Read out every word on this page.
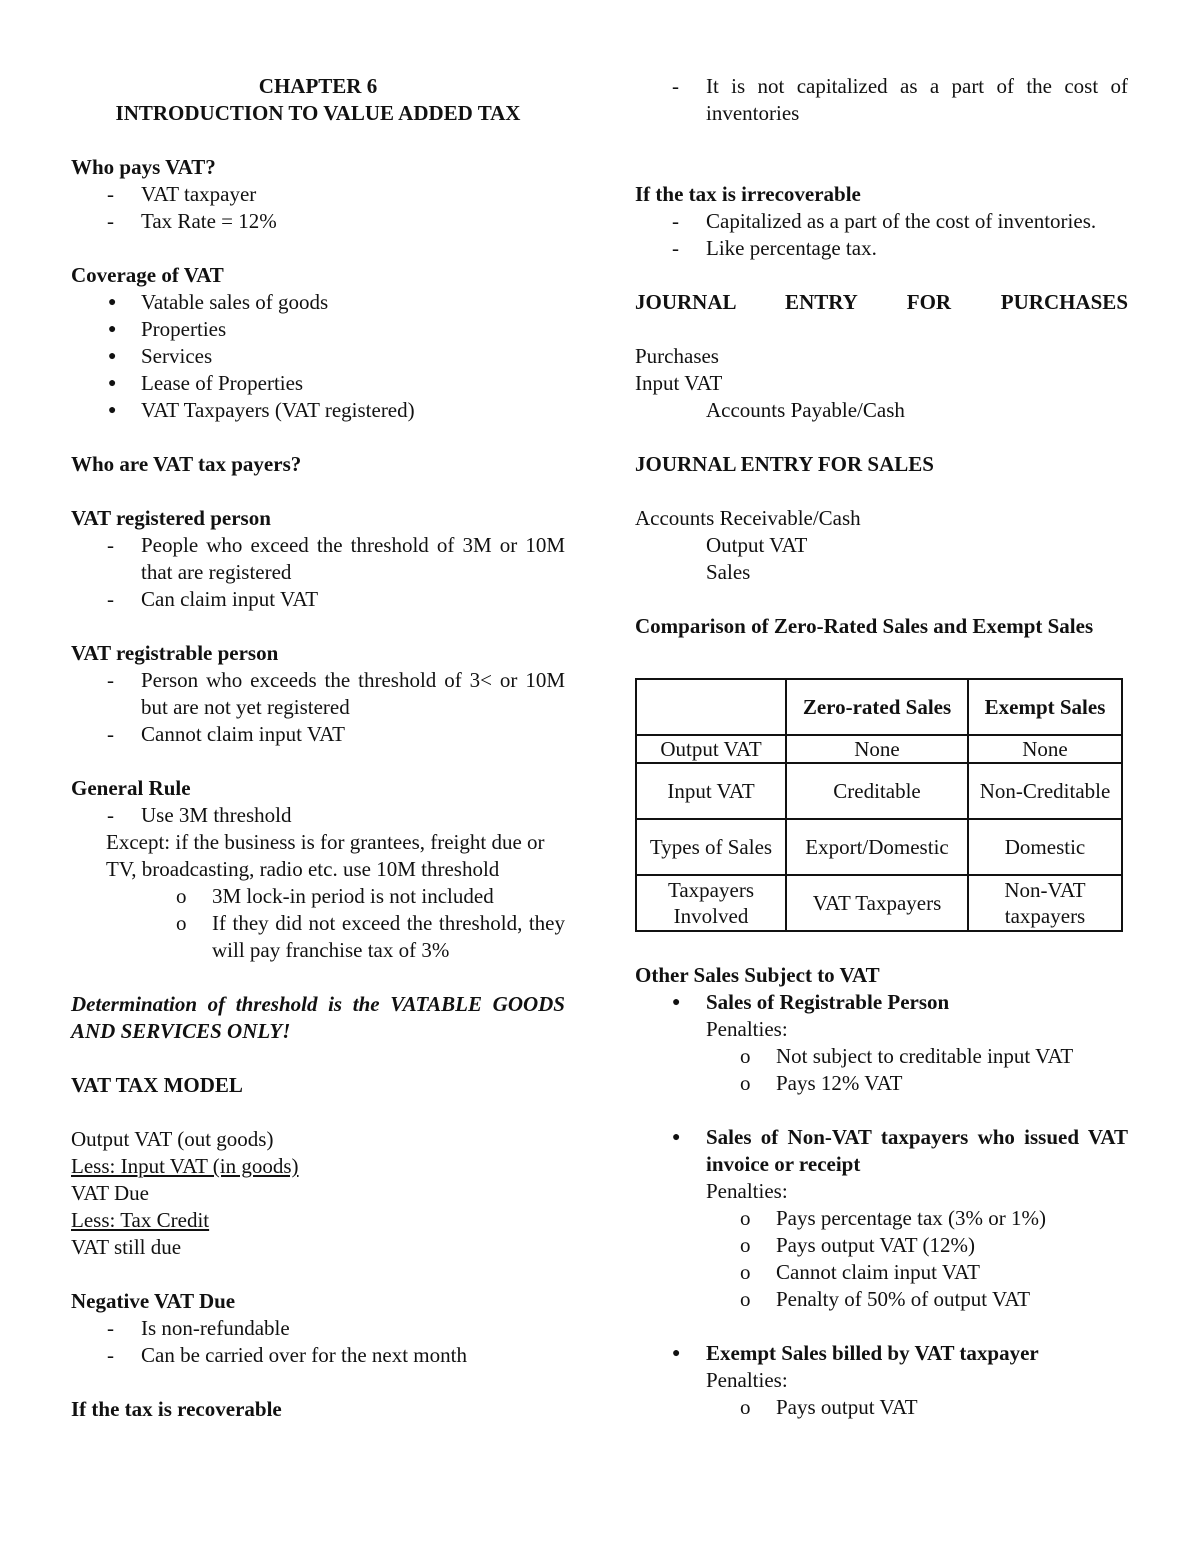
CHAPTER 6

INTRODUCTION TO VALUE ADDED TAX

Who pays VAT?

- VAT taxpayer
- Tax Rate = 12%

Coverage of VAT

● Vatable sales of goods
● Properties
● Services
● Lease of Properties
● VAT Taxpayers (VAT registered)

Who are VAT tax payers?

VAT registered person

- People who exceed the threshold of 3M or 10M that are registered
- Can claim input VAT

VAT registrable person

- Person who exceeds the threshold of 3< or 10M but are not yet registered
- Cannot claim input VAT

General Rule

- Use 3M threshold
Except: if the business is for grantees, freight due or TV, broadcasting, radio etc. use 10M threshold
o 3M lock-in period is not included
o If they did not exceed the threshold, they will pay franchise tax of 3%

Determination of threshold is the VATABLE GOODS AND SERVICES ONLY!

VAT TAX MODEL

Output VAT (out goods)

Less: Input VAT (in goods)

VAT Due

Less: Tax Credit

VAT still due

Negative VAT Due

- Is non-refundable
- Can be carried over for the next month

If the tax is recoverable

- It is not capitalized as a part of the cost of inventories

If the tax is irrecoverable

- Capitalized as a part of the cost of inventories.
- Like percentage tax.

JOURNAL ENTRY FOR PURCHASES

Purchases

Input VAT

Accounts Payable/Cash

JOURNAL ENTRY FOR SALES

Accounts Receivable/Cash

Output VAT

Sales

Comparison of Zero-Rated Sales and Exempt Sales

	Zero-rated Sales	Exempt Sales
Output VAT	None	None
Input VAT	Creditable	Non-Creditable
Types of Sales	Export/Domestic	Domestic
Taxpayers Involved	VAT Taxpayers	Non-VAT taxpayers

Other Sales Subject to VAT

● Sales of Registrable Person

Penalties:

o Not subject to creditable input VAT
o Pays 12% VAT
● Sales of Non-VAT taxpayers who issued VAT invoice or receipt

Penalties:

o Pays percentage tax (3% or 1%)
o Pays output VAT (12%)
o Cannot claim input VAT
o Penalty of 50% of output VAT
● Exempt Sales billed by VAT taxpayer

Penalties:

o Pays output VAT
